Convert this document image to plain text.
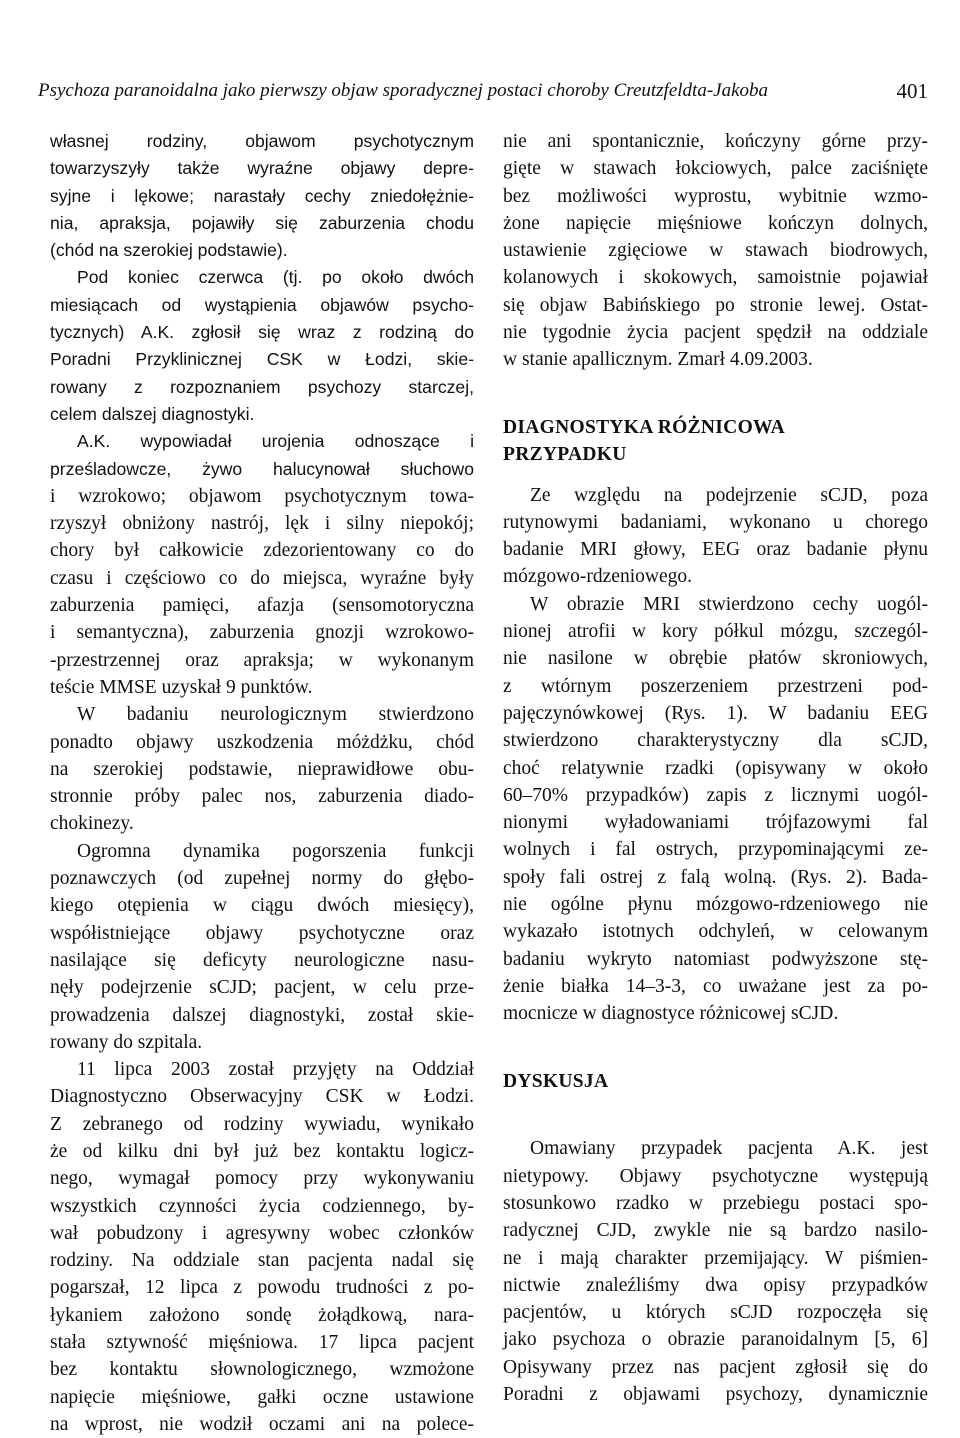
Psychoza paranoidalna jako pierwszy objaw sporadycznej postaci choroby Creutzfeldta-Jakoba	401
własnej rodziny, objawom psychotycznym
towarzyszyły także wyraźne objawy depre-
syjne i lękowe; narastały cechy zniedołężnie-
nia, apraksja, pojawiły się zaburzenia chodu
(chód na szerokiej podstawie).
Pod koniec czerwca (tj. po około dwóch
miesiącach od wystąpienia objawów psycho-
tycznych) A.K. zgłosił się wraz z rodziną do
Poradni Przyklinicznej CSK w Łodzi, skie-
rowany z rozpoznaniem psychozy starczej,
celem dalszej diagnostyki.
A.K. wypowiadał urojenia odnoszące i
prześladowcze, żywo halucynował słuchowo
i wzrokowo; objawom psychotycznym towa-
rzyszył obniżony nastrój, lęk i silny niepokój;
chory był całkowicie zdezorientowany co do
czasu i częściowo co do miejsca, wyraźne były
zaburzenia pamięci, afazja (sensomotoryczna
i semantyczna), zaburzenia gnozji wzrokowo-
-przestrzennej oraz apraksja; w wykonanym
teście MMSE uzyskał 9 punktów.
W badaniu neurologicznym stwierdzono
ponadto objawy uszkodzenia móżdżku, chód
na szerokiej podstawie, nieprawidłowe obu-
stronnie próby palec nos, zaburzenia diado-
chokinezy.
Ogromna dynamika pogorszenia funkcji
poznawczych (od zupełnej normy do głębo-
kiego otępienia w ciągu dwóch miesięcy),
współistniejące objawy psychotyczne oraz
nasilające się deficyty neurologiczne nasu-
nęły podejrzenie sCJD; pacjent, w celu prze-
prowadzenia dalszej diagnostyki, został skie-
rowany do szpitala.
11 lipca 2003 został przyjęty na Oddział
Diagnostyczno Obserwacyjny CSK w Łodzi.
Z zebranego od rodziny wywiadu, wynikało
że od kilku dni był już bez kontaktu logicz-
nego, wymagał pomocy przy wykonywaniu
wszystkich czynności życia codziennego, by-
wał pobudzony i agresywny wobec członków
rodziny. Na oddziale stan pacjenta nadal się
pogarszał, 12 lipca z powodu trudności z po-
łykaniem założono sondę żołądkową, nara-
stała sztywność mięśniowa. 17 lipca pacjent
bez kontaktu słownologicznego, wzmożone
napięcie mięśniowe, gałki oczne ustawione
na wprost, nie wodził oczami ani na polece-
nie ani spontanicznie, kończyny górne przy-
gięte w stawach łokciowych, palce zaciśnięte
bez możliwości wyprostu, wybitnie wzmo-
żone napięcie mięśniowe kończyn dolnych,
ustawienie zgięciowe w stawach biodrowych,
kolanowych i skokowych, samoistnie pojawiał
się objaw Babińskiego po stronie lewej. Ostat-
nie tygodnie życia pacjent spędził na oddziale
w stanie apallicznym. Zmarł 4.09.2003.
DIAGNOSTYKA RÓŻNICOWA
PRZYPADKU
Ze względu na podejrzenie sCJD, poza
rutynowymi badaniami, wykonano u chorego
badanie MRI głowy, EEG oraz badanie płynu
mózgowo-rdzeniowego.
W obrazie MRI stwierdzono cechy uogól-
nionej atrofii w kory półkul mózgu, szczegól-
nie nasilone w obrębie płatów skroniowych,
z wtórnym poszerzeniem przestrzeni pod-
pajęczynówkowej (Rys. 1). W badaniu EEG
stwierdzono charakterystyczny dla sCJD,
choć relatywnie rzadki (opisywany w około
60–70% przypadków) zapis z licznymi uogól-
nionymi wyładowaniami trójfazowymi fal
wolnych i fal ostrych, przypominającymi ze-
społy fali ostrej z falą wolną. (Rys. 2). Bada-
nie ogólne płynu mózgowo-rdzeniowego nie
wykazało istotnych odchyleń, w celowanym
badaniu wykryto natomiast podwyższone stę-
żenie białka 14–3-3, co uważane jest za po-
mocnicze w diagnostyce różnicowej sCJD.
DYSKUSJA
Omawiany przypadek pacjenta A.K. jest
nietypowy. Objawy psychotyczne występują
stosunkowo rzadko w przebiegu postaci spo-
radycznej CJD, zwykle nie są bardzo nasilo-
ne i mają charakter przemijający. W piśmien-
nictwie znaleźliśmy dwa opisy przypadków
pacjentów, u których sCJD rozpoczęła się
jako psychoza o obrazie paranoidalnym [5, 6]
Opisywany przez nas pacjent zgłosił się do
Poradni z objawami psychozy, dynamicznie
